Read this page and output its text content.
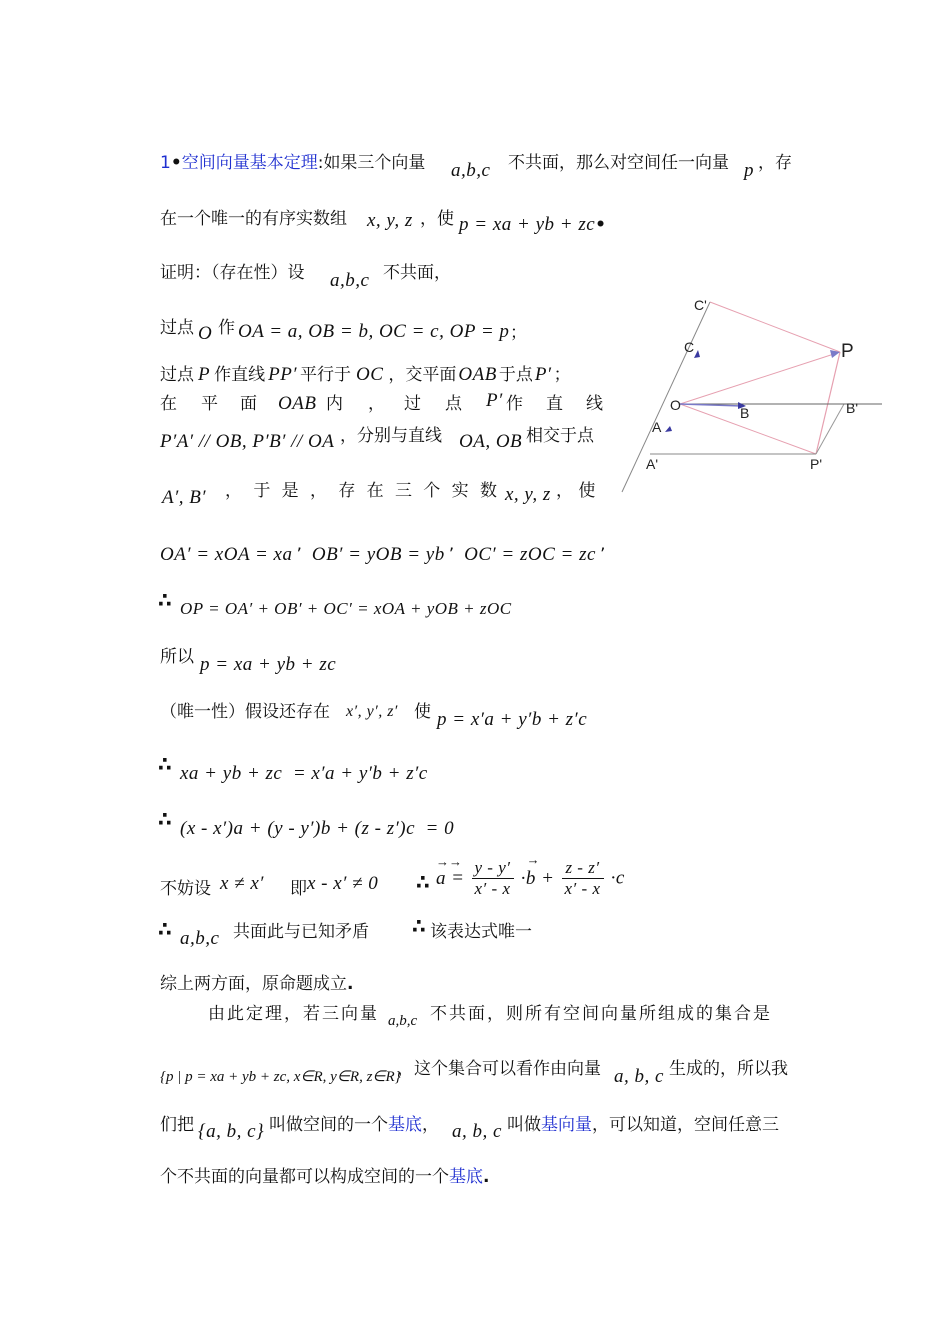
1•空间向量基本定理:如果三个向量 a,b,c 不共面，那么对空间任一向量 p ，存
在一个唯一的有序实数组 x, y, z ，使 p = xa + yb + zc•
证明：（存在性）设 a,b,c 不共面，
过点 O 作 OA = a, OB = b, OC = c, OP = p ；
过点 P 作直线 PP′ 平行于 OC ，交平面 OAB 于点 P′ ；
在 平 面 OAB 内 ， 过 点 P′ 作 直 线
P′A′ // OB, P′B′ // OA ，分别与直线 OA, OB 相交于点
A′, B′ ， 于 是 ， 存 在 三 个 实 数 x, y, z ， 使
OA′ = xOA = xa ’ OB′ = yOB = yb ’ OC′ = zOC = zc ’
∴ OP = OA′ + OB′ + OC′ = xOA + yOB + zOC
所以 p = xa + yb + zc
（唯一性）假设还存在 x′, y′, z′ 使 p = x′a + y′b + z′c
∴ xa + yb + zc  = x′a + y′b + z′c
∴ (x - x′)a + (y - y′)b + (z - z′)c  = 0
不妨设 x ≠ x′ 即 x - x′ ≠ 0 ∴
→→
$a = \frac{y - y'}{x' - x}$
→
$\cdot b + \frac{z - z'}{x' - x} \cdot c$
∴ a,b,c 共面此与已知矛盾 ∴ 该表达式唯一
综上两方面，原命题成立.
由此定理，若三向量 a,b,c 不共面，则所有空间向量所组成的集合是
{p | p = xa + yb + zc, x∈R, y∈R, z∈R}
，这个集合可以看作由向量 a, b, c 生成的，所以我
们把 {a, b, c} 叫做空间的一个基底， a, b, c 叫做基向量，可以知道，空间任意三
个不共面的向量都可以构成空间的一个基底.
C'
C	P
O	B	B'
A
A'	P'
